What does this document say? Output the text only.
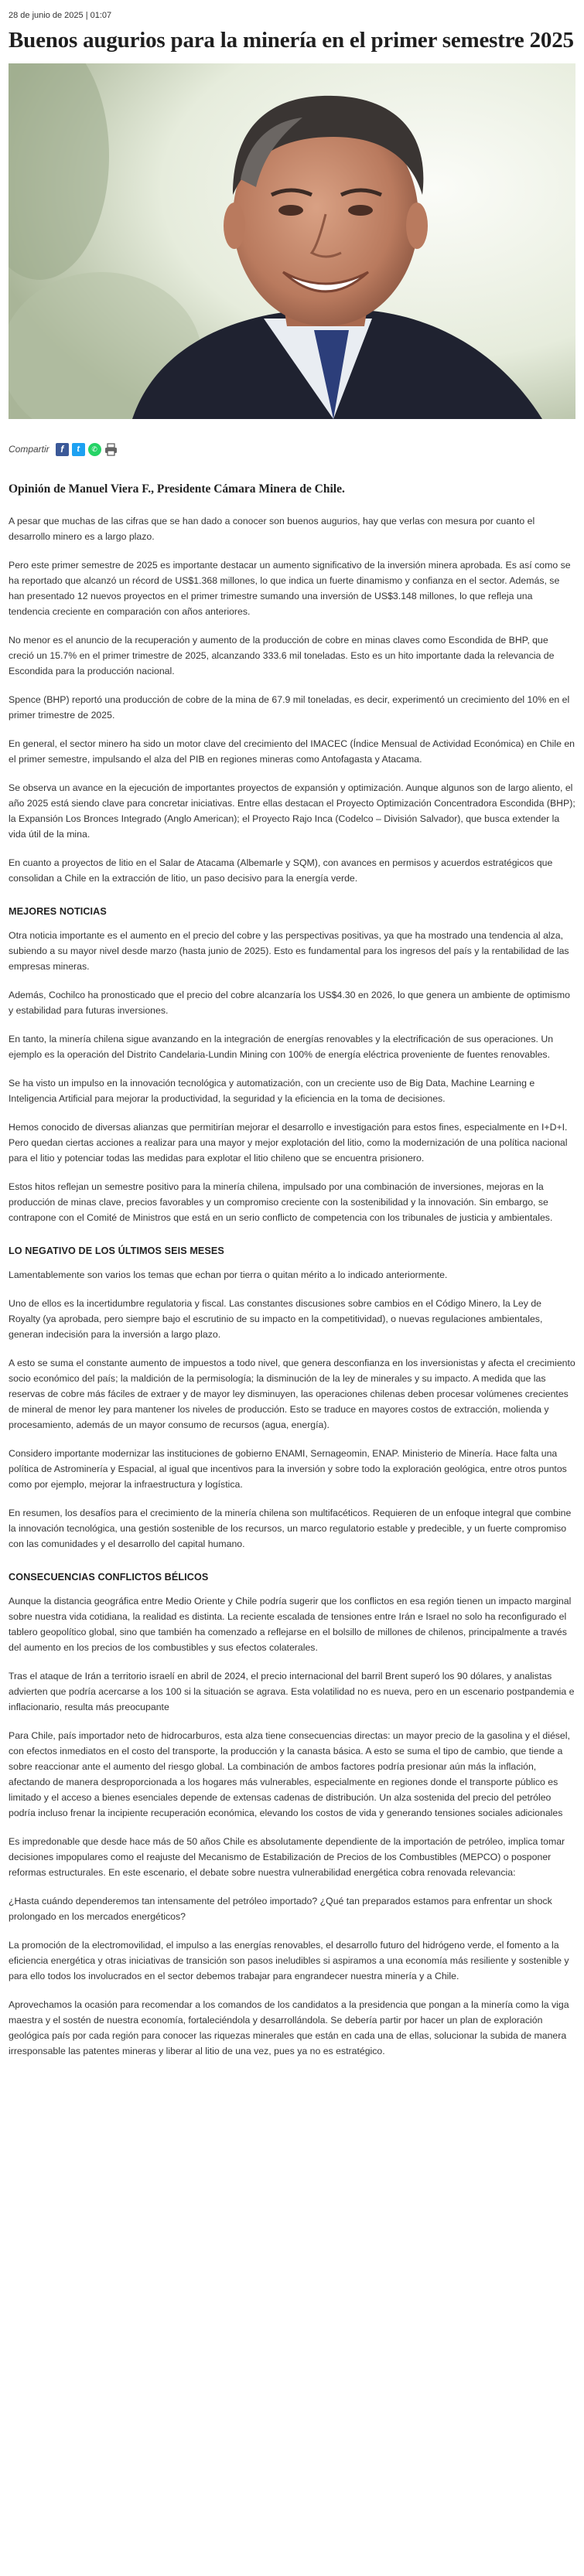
28 de junio de 2025 | 01:07
Buenos augurios para la minería en el primer semestre 2025
Compartir	f	t	✆
Opinión de Manuel Viera F., Presidente Cámara Minera de Chile.

A pesar que muchas de las cifras que se han dado a conocer son buenos augurios, hay que verlas con mesura por cuanto el desarrollo minero es a largo plazo.

Pero este primer semestre de 2025 es importante destacar un aumento significativo de la inversión minera aprobada. Es así como se ha reportado que alcanzó un récord de US$1.368 millones, lo que indica un fuerte dinamismo y confianza en el sector. Además, se han presentado 12 nuevos proyectos en el primer trimestre sumando una inversión de US$3.148 millones, lo que refleja una tendencia creciente en comparación con años anteriores.

No menor es el anuncio de la recuperación y aumento de la producción de cobre en minas claves como Escondida de BHP, que creció un 15.7% en el primer trimestre de 2025, alcanzando 333.6 mil toneladas. Esto es un hito importante dada la relevancia de Escondida para la producción nacional.

Spence (BHP) reportó una producción de cobre de la mina de 67.9 mil toneladas, es decir, experimentó un crecimiento del 10% en el primer trimestre de 2025.

En general, el sector minero ha sido un motor clave del crecimiento del IMACEC (Índice Mensual de Actividad Económica) en Chile en el primer semestre, impulsando el alza del PIB en regiones mineras como Antofagasta y Atacama.

Se observa un avance en la ejecución de importantes proyectos de expansión y optimización. Aunque algunos son de largo aliento, el año 2025 está siendo clave para concretar iniciativas. Entre ellas destacan el Proyecto Optimización Concentradora Escondida (BHP); la Expansión Los Bronces Integrado (Anglo American); el Proyecto Rajo Inca (Codelco – División Salvador), que busca extender la vida útil de la mina.

En cuanto a proyectos de litio en el Salar de Atacama (Albemarle y SQM), con avances en permisos y acuerdos estratégicos que consolidan a Chile en la extracción de litio, un paso decisivo para la energía verde.

MEJORES NOTICIAS

Otra noticia importante es el aumento en el precio del cobre y las perspectivas positivas, ya que ha mostrado una tendencia al alza, subiendo a su mayor nivel desde marzo (hasta junio de 2025). Esto es fundamental para los ingresos del país y la rentabilidad de las empresas mineras.

Además, Cochilco ha pronosticado que el precio del cobre alcanzaría los US$4.30 en 2026, lo que genera un ambiente de optimismo y estabilidad para futuras inversiones.

En tanto, la minería chilena sigue avanzando en la integración de energías renovables y la electrificación de sus operaciones. Un ejemplo es la operación del Distrito Candelaria-Lundin Mining con 100% de energía eléctrica proveniente de fuentes renovables.

Se ha visto un impulso en la innovación tecnológica y automatización, con un creciente uso de Big Data, Machine Learning e Inteligencia Artificial para mejorar la productividad, la seguridad y la eficiencia en la toma de decisiones.

Hemos conocido de diversas alianzas que permitirían mejorar el desarrollo e investigación para estos fines, especialmente en I+D+I. Pero quedan ciertas acciones a realizar para una mayor y mejor explotación del litio, como la modernización de una política nacional para el litio y potenciar todas las medidas para explotar el litio chileno que se encuentra prisionero.

Estos hitos reflejan un semestre positivo para la minería chilena, impulsado por una combinación de inversiones, mejoras en la producción de minas clave, precios favorables y un compromiso creciente con la sostenibilidad y la innovación. Sin embargo, se contrapone con el Comité de Ministros que está en un serio conflicto de competencia con los tribunales de justicia y ambientales.

LO NEGATIVO DE LOS ÚLTIMOS SEIS MESES

Lamentablemente son varios los temas que echan por tierra o quitan mérito a lo indicado anteriormente.

Uno de ellos es la incertidumbre regulatoria y fiscal. Las constantes discusiones sobre cambios en el Código Minero, la Ley de Royalty (ya aprobada, pero siempre bajo el escrutinio de su impacto en la competitividad), o nuevas regulaciones ambientales, generan indecisión para la inversión a largo plazo.

A esto se suma el constante aumento de impuestos a todo nivel, que genera desconfianza en los inversionistas y afecta el crecimiento socio económico del país; la maldición de la permisología; la disminución de la ley de minerales y su impacto. A medida que las reservas de cobre más fáciles de extraer y de mayor ley disminuyen, las operaciones chilenas deben procesar volúmenes crecientes de mineral de menor ley para mantener los niveles de producción. Esto se traduce en mayores costos de extracción, molienda y procesamiento, además de un mayor consumo de recursos (agua, energía).

Considero importante modernizar las instituciones de gobierno ENAMI, Sernageomin, ENAP. Ministerio de Minería. Hace falta una política de Astrominería y Espacial, al igual que incentivos para la inversión y sobre todo la exploración geológica, entre otros puntos como por ejemplo, mejorar la infraestructura y logística.

En resumen, los desafíos para el crecimiento de la minería chilena son multifacéticos. Requieren de un enfoque integral que combine la innovación tecnológica, una gestión sostenible de los recursos, un marco regulatorio estable y predecible, y un fuerte compromiso con las comunidades y el desarrollo del capital humano.

CONSECUENCIAS CONFLICTOS BÉLICOS

Aunque la distancia geográfica entre Medio Oriente y Chile podría sugerir que los conflictos en esa región tienen un impacto marginal sobre nuestra vida cotidiana, la realidad es distinta. La reciente escalada de tensiones entre Irán e Israel no solo ha reconfigurado el tablero geopolítico global, sino que también ha comenzado a reflejarse en el bolsillo de millones de chilenos, principalmente a través del aumento en los precios de los combustibles y sus efectos colaterales.

Tras el ataque de Irán a territorio israelí en abril de 2024, el precio internacional del barril Brent superó los 90 dólares, y analistas advierten que podría acercarse a los 100 si la situación se agrava. Esta volatilidad no es nueva, pero en un escenario postpandemia e inflacionario, resulta más preocupante

Para Chile, país importador neto de hidrocarburos, esta alza tiene consecuencias directas: un mayor precio de la gasolina y el diésel, con efectos inmediatos en el costo del transporte, la producción y la canasta básica. A esto se suma el tipo de cambio, que tiende a sobre reaccionar ante el aumento del riesgo global. La combinación de ambos factores podría presionar aún más la inflación, afectando de manera desproporcionada a los hogares más vulnerables, especialmente en regiones donde el transporte público es limitado y el acceso a bienes esenciales depende de extensas cadenas de distribución. Un alza sostenida del precio del petróleo podría incluso frenar la incipiente recuperación económica, elevando los costos de vida y generando tensiones sociales adicionales

Es impredonable que desde hace más de 50 años Chile es absolutamente dependiente de la importación de petróleo, implica tomar decisiones impopulares como el reajuste del Mecanismo de Estabilización de Precios de los Combustibles (MEPCO) o posponer reformas estructurales. En este escenario, el debate sobre nuestra vulnerabilidad energética cobra renovada relevancia:

¿Hasta cuándo dependeremos tan intensamente del petróleo importado? ¿Qué tan preparados estamos para enfrentar un shock prolongado en los mercados energéticos?

La promoción de la electromovilidad, el impulso a las energías renovables, el desarrollo futuro del hidrógeno verde, el fomento a la eficiencia energética y otras iniciativas de transición son pasos ineludibles si aspiramos a una economía más resiliente y sostenible y para ello todos los involucrados en el sector debemos trabajar para engrandecer nuestra minería y a Chile.

Aprovechamos la ocasión para recomendar a los comandos de los candidatos a la presidencia que pongan a la minería como la viga maestra y el sostén de nuestra economía, fortaleciéndola y desarrollándola. Se debería partir por hacer un plan de exploración geológica país por cada región para conocer las riquezas minerales que están en cada una de ellas, solucionar la subida de manera irresponsable las patentes mineras y liberar al litio de una vez, pues ya no es estratégico.
